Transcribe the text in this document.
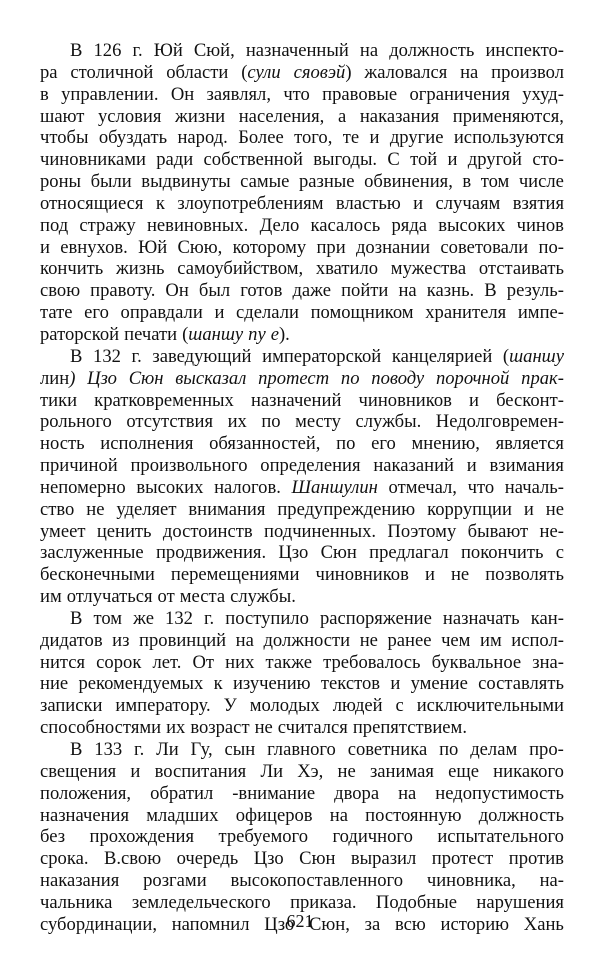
В 126 г. Юй Сюй, назначенный на должность инспекто-
ра столичной области (сули сяовэй) жаловался на произвол
в управлении. Он заявлял, что правовые ограничения ухуд-
шают условия жизни населения, а наказания применяются,
чтобы обуздать народ. Более того, те и другие используются
чиновниками ради собственной выгоды. С той и другой сто-
роны были выдвинуты самые разные обвинения, в том числе
относящиеся к злоупотреблениям властью и случаям взятия
под стражу невиновных. Дело касалось ряда высоких чинов
и евнухов. Юй Сюю, которому при дознании советовали по-
кончить жизнь самоубийством, хватило мужества отстаивать
свою правоту. Он был готов даже пойти на казнь. В резуль-
тате его оправдали и сделали помощником хранителя импе-
раторской печати (шаншу пу е).
В 132 г. заведующий императорской канцелярией (шаншу
лин) Цзо Сюн высказал протест по поводу порочной прак-
тики кратковременных назначений чиновников и бесконт-
рольного отсутствия их по месту службы. Недолговремен-
ность исполнения обязанностей, по его мнению, является
причиной произвольного определения наказаний и взимания
непомерно высоких налогов. Шаншулин отмечал, что началь-
ство не уделяет внимания предупреждению коррупции и не
умеет ценить достоинств подчиненных. Поэтому бывают не-
заслуженные продвижения. Цзо Сюн предлагал покончить с
бесконечными перемещениями чиновников и не позволять
им отлучаться от места службы.
В том же 132 г. поступило распоряжение назначать кан-
дидатов из провинций на должности не ранее чем им испол-
нится сорок лет. От них также требовалось буквальное зна-
ние рекомендуемых к изучению текстов и умение составлять
записки императору. У молодых людей с исключительными
способностями их возраст не считался препятствием.
В 133 г. Ли Гу, сын главного советника по делам про-
свещения и воспитания Ли Хэ, не занимая еще никакого
положения, обратил -внимание двора на недопустимость
назначения младших офицеров на постоянную должность
без прохождения требуемого годичного испытательного
срока. В.свою очередь Цзо Сюн выразил протест против
наказания розгами высокопоставленного чиновника, на-
чальника земледельческого приказа. Подобные нарушения
субординации, напомнил Цзо Сюн, за всю историю Хань
621
